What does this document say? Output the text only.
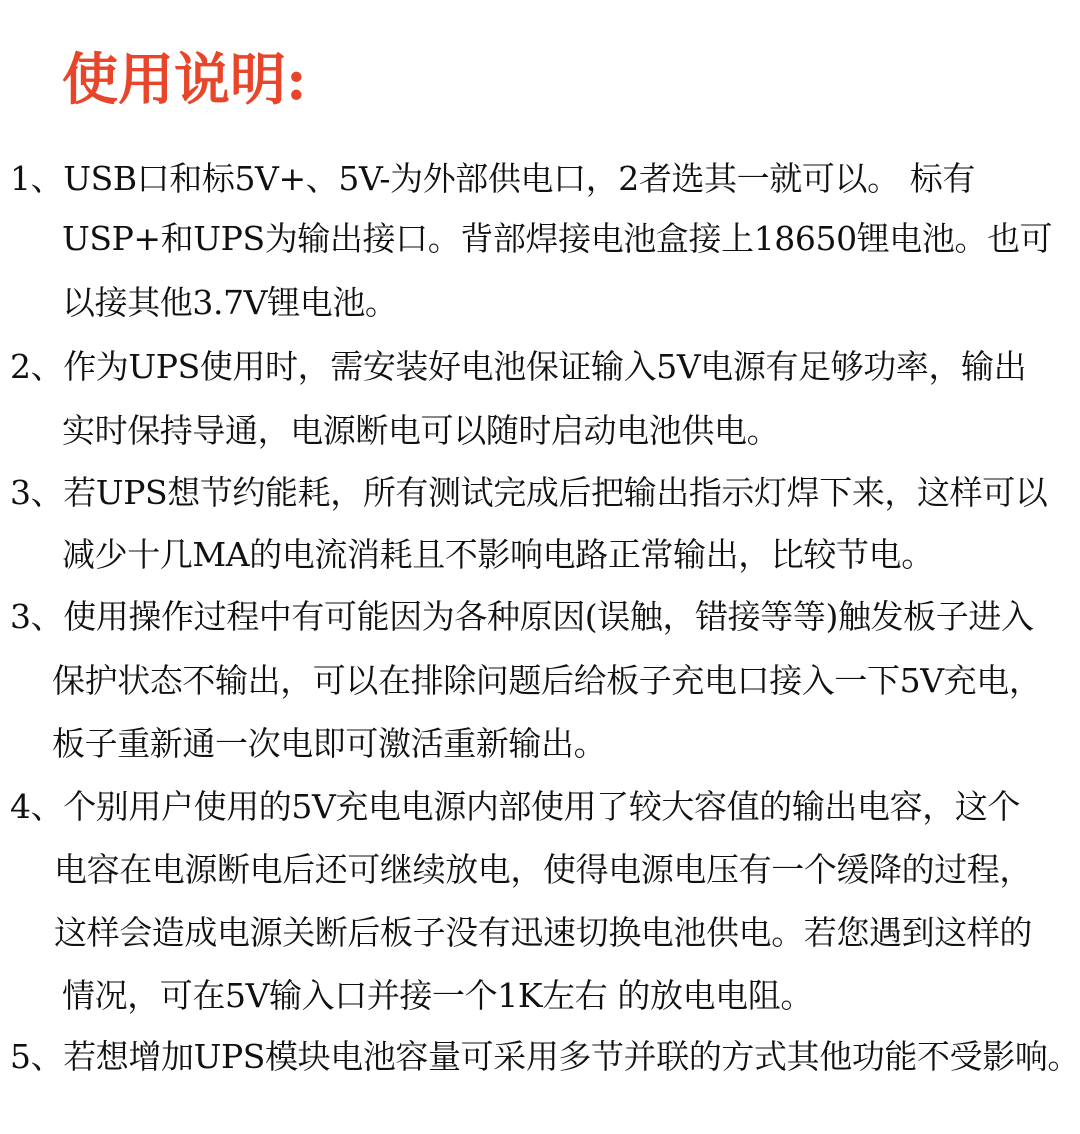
使用说明:
1、USB口和标5V+、5V-为外部供电口，2者选其一就可以。 标有
USP+和UPS为输出接口。背部焊接电池盒接上18650锂电池。也可
以接其他3.7V锂电池。
2、作为UPS使用时，需安装好电池保证输入5V电源有足够功率，输出
实时保持导通，电源断电可以随时启动电池供电。
3、若UPS想节约能耗，所有测试完成后把输出指示灯焊下来，这样可以
减少十几MA的电流消耗且不影响电路正常输出，比较节电。
3、使用操作过程中有可能因为各种原因(误触，错接等等)触发板子进入
保护状态不输出，可以在排除问题后给板子充电口接入一下5V充电，
板子重新通一次电即可激活重新输出。
4、个别用户使用的5V充电电源内部使用了较大容值的输出电容，这个
电容在电源断电后还可继续放电，使得电源电压有一个缓降的过程，
这样会造成电源关断后板子没有迅速切换电池供电。若您遇到这样的
情况，可在5V输入口并接一个1K左右 的放电电阻。
5、若想增加UPS模块电池容量可采用多节并联的方式其他功能不受影响。
